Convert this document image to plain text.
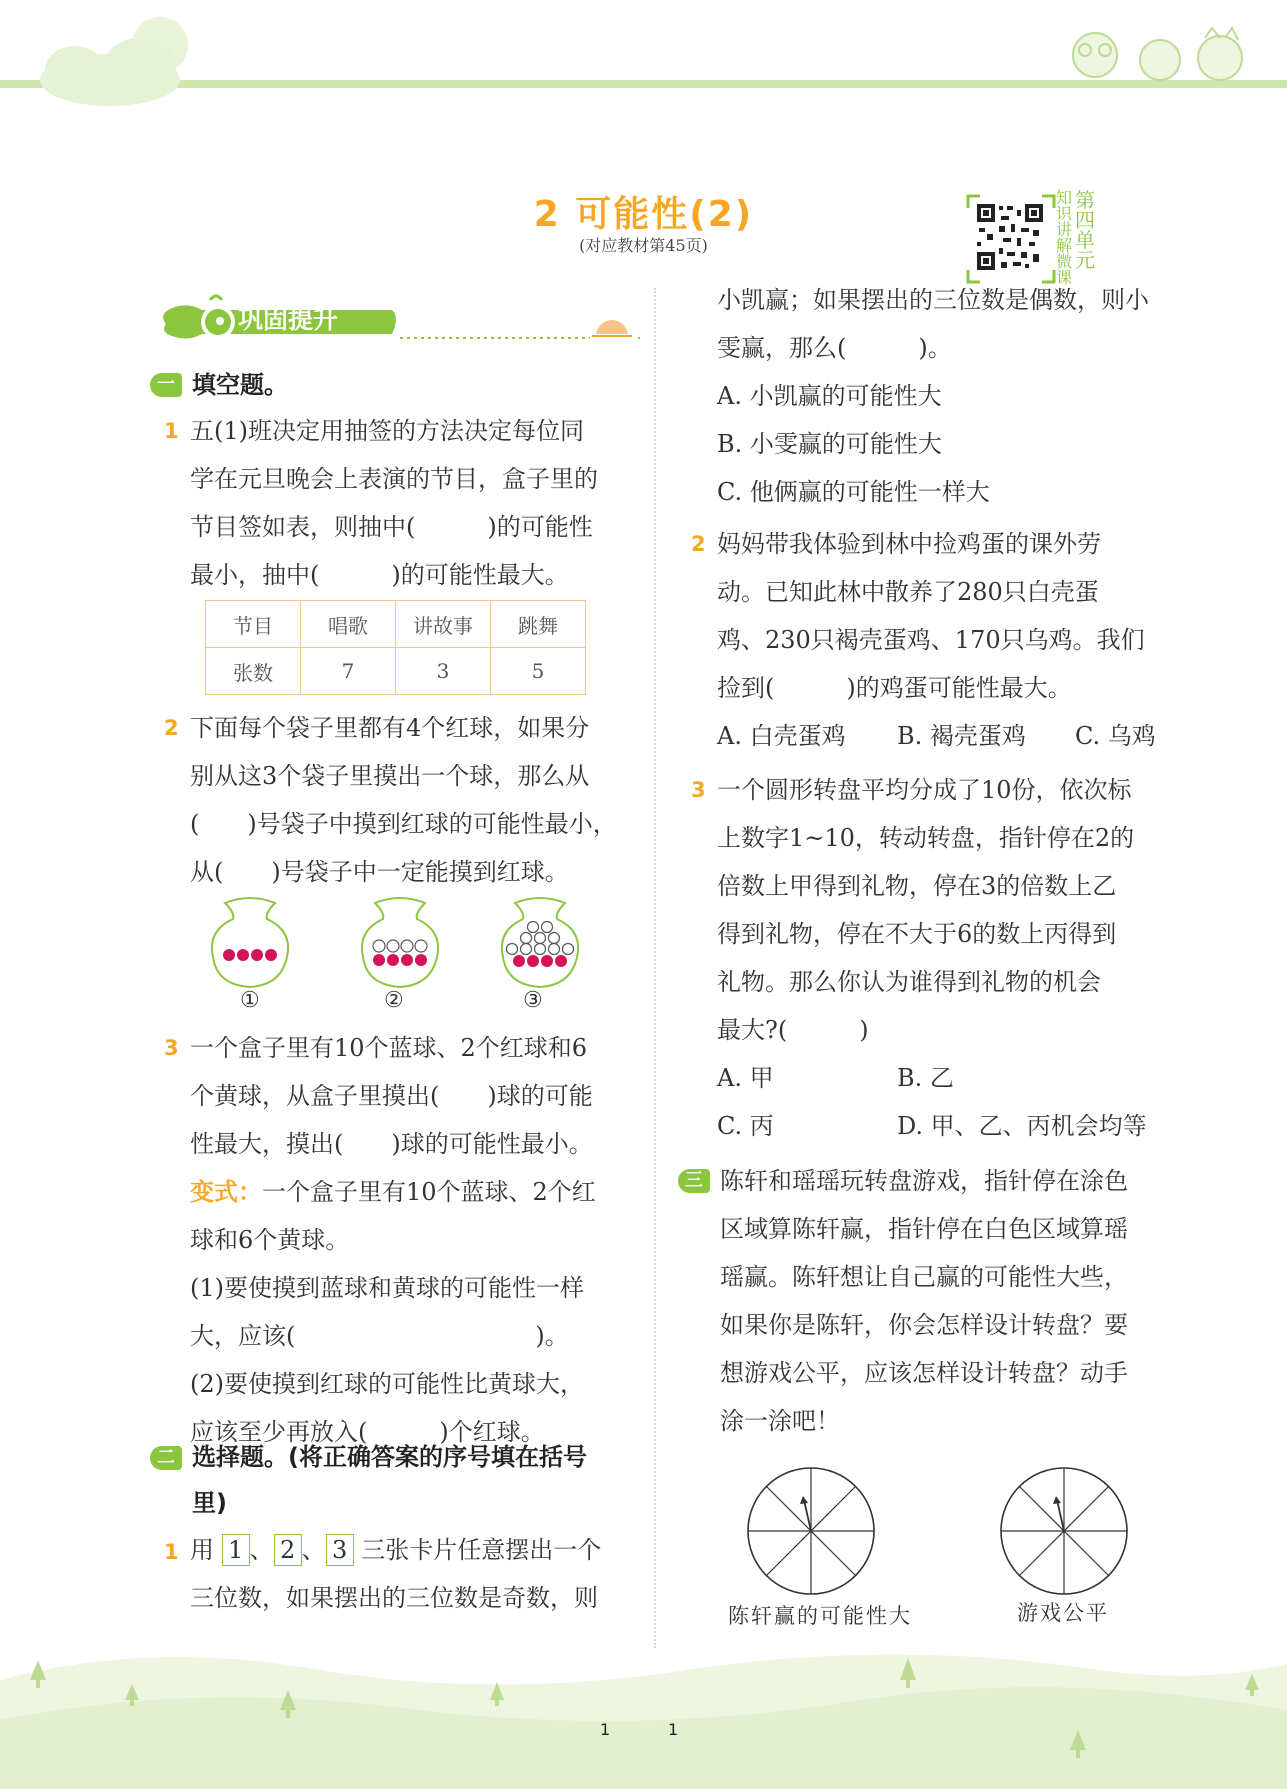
2 可能性(2)
(对应教材第45页)
知识讲解微课
第四单元
巩固提升
一 填空题。
1 五(1)班决定用抽签的方法决定每位同
学在元旦晚会上表演的节目，盒子里的
节目签如表，则抽中(　　　)的可能性
最小，抽中(　　　)的可能性最大。
节目	唱歌	讲故事	跳舞
张数	7	3	5
2 下面每个袋子里都有4个红球，如果分
别从这3个袋子里摸出一个球，那么从
(　　)号袋子中摸到红球的可能性最小，
从(　　)号袋子中一定能摸到红球。
①	②	③
3 一个盒子里有10个蓝球、2个红球和6
个黄球，从盒子里摸出(　　)球的可能
性最大，摸出(　　)球的可能性最小。
变式：一个盒子里有10个蓝球、2个红
球和6个黄球。
(1)要使摸到蓝球和黄球的可能性一样
大，应该(　　　　　　　　　　)。
(2)要使摸到红球的可能性比黄球大，
应该至少再放入(　　　)个红球。
二 选择题。(将正确答案的序号填在括号
里)
1 用 1 、 2 、 3 三张卡片任意摆出一个
三位数，如果摆出的三位数是奇数，则
小凯赢；如果摆出的三位数是偶数，则小
雯赢，那么(　　　)。
A. 小凯赢的可能性大
B. 小雯赢的可能性大
C. 他俩赢的可能性一样大
2 妈妈带我体验到林中捡鸡蛋的课外劳
动。已知此林中散养了280只白壳蛋
鸡、230只褐壳蛋鸡、170只乌鸡。我们
捡到(　　　)的鸡蛋可能性最大。
A. 白壳蛋鸡 B. 褐壳蛋鸡 C. 乌鸡
3 一个圆形转盘平均分成了10份，依次标
上数字1~10，转动转盘，指针停在2的
倍数上甲得到礼物，停在3的倍数上乙
得到礼物，停在不大于6的数上丙得到
礼物。那么你认为谁得到礼物的机会
最大?(　　　)
A. 甲	B. 乙
C. 丙	D. 甲、乙、丙机会均等
三 陈轩和瑶瑶玩转盘游戏，指针停在涂色
区域算陈轩赢，指针停在白色区域算瑶
瑶赢。陈轩想让自己赢的可能性大些，
如果你是陈轩，你会怎样设计转盘？要
想游戏公平，应该怎样设计转盘？动手
涂一涂吧！
陈轩赢的可能性大	游戏公平
1	1
